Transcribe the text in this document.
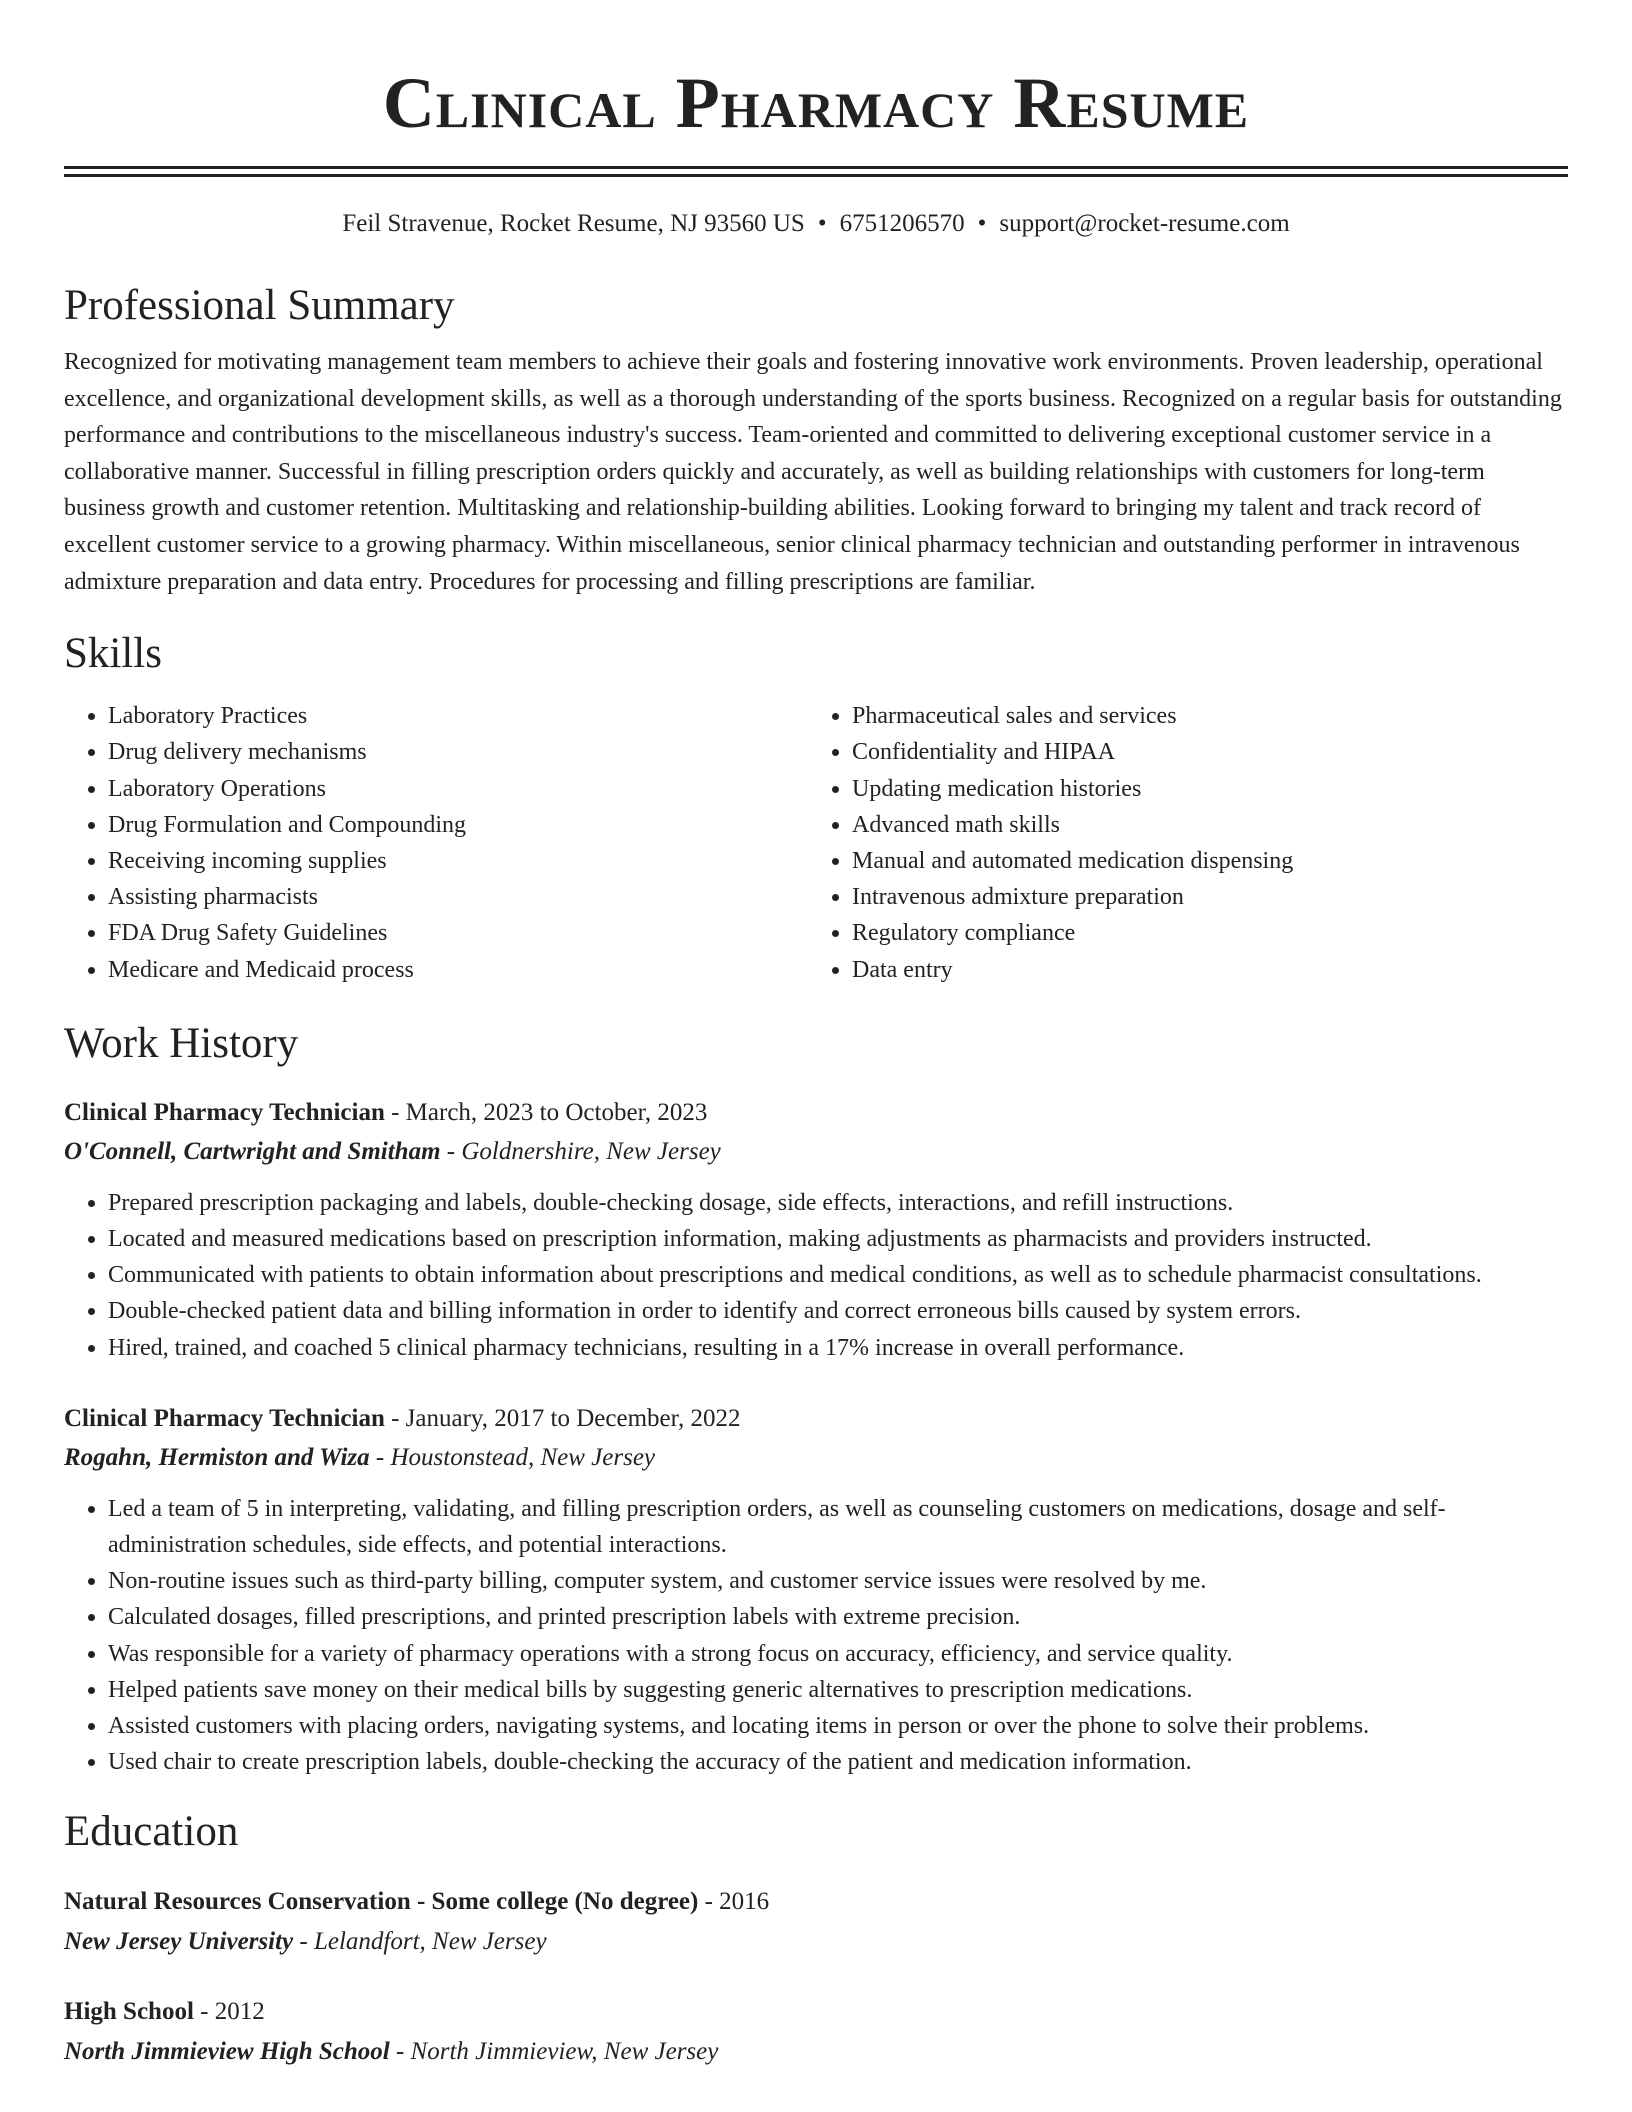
Clinical Pharmacy Resume
Feil Stravenue, Rocket Resume, NJ 93560 US • 6751206570 • support@rocket-resume.com
Professional Summary

Recognized for motivating management team members to achieve their goals and fostering innovative work environments. Proven leadership, operational excellence, and organizational development skills, as well as a thorough understanding of the sports business. Recognized on a regular basis for outstanding performance and contributions to the miscellaneous industry's success. Team-oriented and committed to delivering exceptional customer service in a collaborative manner. Successful in filling prescription orders quickly and accurately, as well as building relationships with customers for long-term business growth and customer retention. Multitasking and relationship-building abilities. Looking forward to bringing my talent and track record of excellent customer service to a growing pharmacy. Within miscellaneous, senior clinical pharmacy technician and outstanding performer in intravenous admixture preparation and data entry. Procedures for processing and filling prescriptions are familiar.

Skills
• Laboratory Practices
• Drug delivery mechanisms
• Laboratory Operations
• Drug Formulation and Compounding
• Receiving incoming supplies
• Assisting pharmacists
• FDA Drug Safety Guidelines
• Medicare and Medicaid process
• Pharmaceutical sales and services
• Confidentiality and HIPAA
• Updating medication histories
• Advanced math skills
• Manual and automated medication dispensing
• Intravenous admixture preparation
• Regulatory compliance
• Data entry
Work History
Clinical Pharmacy Technician - March, 2023 to October, 2023
O'Connell, Cartwright and Smitham - Goldnershire, New Jersey
• Prepared prescription packaging and labels, double-checking dosage, side effects, interactions, and refill instructions.
• Located and measured medications based on prescription information, making adjustments as pharmacists and providers instructed.
• Communicated with patients to obtain information about prescriptions and medical conditions, as well as to schedule pharmacist consultations.
• Double-checked patient data and billing information in order to identify and correct erroneous bills caused by system errors.
• Hired, trained, and coached 5 clinical pharmacy technicians, resulting in a 17% increase in overall performance.
Clinical Pharmacy Technician - January, 2017 to December, 2022
Rogahn, Hermiston and Wiza - Houstonstead, New Jersey
• Led a team of 5 in interpreting, validating, and filling prescription orders, as well as counseling customers on medications, dosage and self-administration schedules, side effects, and potential interactions.
• Non-routine issues such as third-party billing, computer system, and customer service issues were resolved by me.
• Calculated dosages, filled prescriptions, and printed prescription labels with extreme precision.
• Was responsible for a variety of pharmacy operations with a strong focus on accuracy, efficiency, and service quality.
• Helped patients save money on their medical bills by suggesting generic alternatives to prescription medications.
• Assisted customers with placing orders, navigating systems, and locating items in person or over the phone to solve their problems.
• Used chair to create prescription labels, double-checking the accuracy of the patient and medication information.
Education
Natural Resources Conservation - Some college (No degree) - 2016
New Jersey University - Lelandfort, New Jersey
High School - 2012
North Jimmieview High School - North Jimmieview, New Jersey
